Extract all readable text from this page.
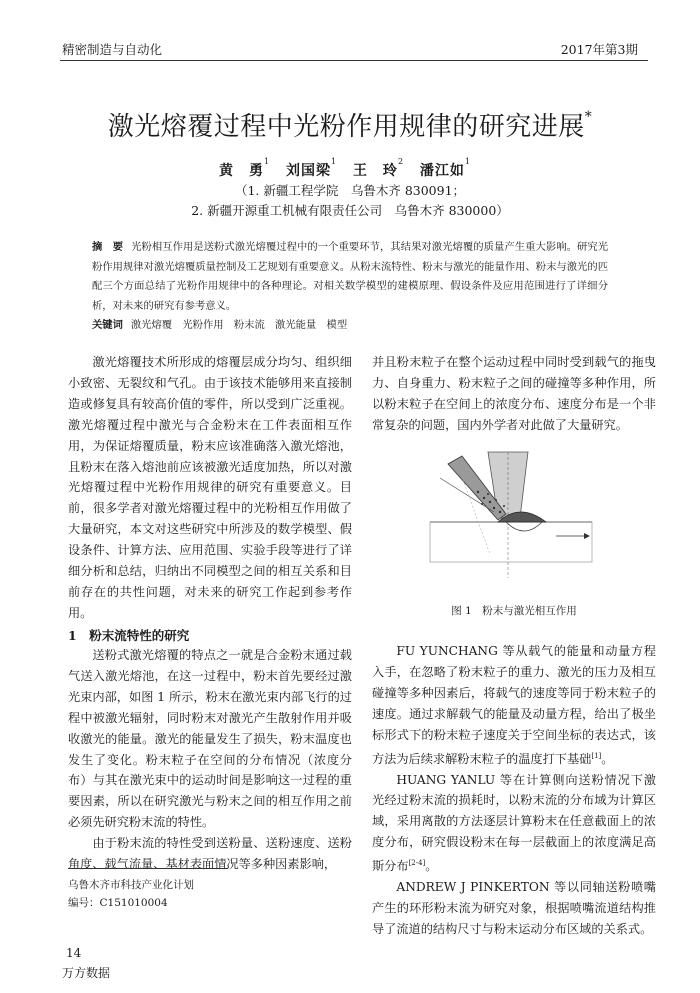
精密制造与自动化	2017年第3期
激光熔覆过程中光粉作用规律的研究进展*
黄　勇$^1$ 刘国梁$^1$ 王　玲$^2$ 潘江如$^1$
（1. 新疆工程学院　乌鲁木齐 830091；
2. 新疆开源重工机械有限责任公司　乌鲁木齐 830000）
摘　要 光粉相互作用是送粉式激光熔覆过程中的一个重要环节，其结果对激光熔覆的质量产生重大影响。研究光粉作用规律对激光熔覆质量控制及工艺规划有重要意义。从粉末流特性、粉末与激光的能量作用、粉末与激光的匹配三个方面总结了光粉作用规律中的各种理论。对相关数学模型的建模原理、假设条件及应用范围进行了详细分析，对未来的研究有参考意义。
关键词 激光熔覆　光粉作用　粉末流　激光能量　模型
激光熔覆技术所形成的熔覆层成分均匀、组织细小致密、无裂纹和气孔。由于该技术能够用来直接制造或修复具有较高价值的零件，所以受到广泛重视。激光熔覆过程中激光与合金粉末在工件表面相互作用，为保证熔覆质量，粉末应该准确落入激光熔池，且粉末在落入熔池前应该被激光适度加热，所以对激光熔覆过程中光粉作用规律的研究有重要意义。目前，很多学者对激光熔覆过程中的光粉相互作用做了大量研究，本文对这些研究中所涉及的数学模型、假设条件、计算方法、应用范围、实验手段等进行了详细分析和总结，归纳出不同模型之间的相互关系和目前存在的共性问题，对未来的研究工作起到参考作用。
1　粉末流特性的研究

送粉式激光熔覆的特点之一就是合金粉末通过载气送入激光熔池，在这一过程中，粉末首先要经过激光束内部，如图 1 所示，粉末在激光束内部飞行的过程中被激光辐射，同时粉末对激光产生散射作用并吸收激光的能量。激光的能量发生了损失，粉末温度也发生了变化。粉末粒子在空间的分布情况（浓度分布）与其在激光束中的运动时间是影响这一过程的重要因素，所以在研究激光与粉末之间的相互作用之前必须先研究粉末流的特性。

由于粉末流的特性受到送粉量、送粉速度、送粉角度、载气流量、基材表面情况等多种因素影响，

并且粉末粒子在整个运动过程中同时受到载气的拖曳力、自身重力、粉末粒子之间的碰撞等多种作用，所以粉末粒子在空间上的浓度分布、速度分布是一个非常复杂的问题，国内外学者对此做了大量研究。
图 1　粉末与激光相互作用

FU YUNCHANG 等从载气的能量和动量方程入手，在忽略了粉末粒子的重力、激光的压力及相互碰撞等多种因素后，将载气的速度等同于粉末粒子的速度。通过求解载气的能量及动量方程，给出了极坐标形式下的粉末粒子速度关于空间坐标的表达式，该方法为后续求解粉末粒子的温度打下基础[1]。

HUANG YANLU 等在计算侧向送粉情况下激光经过粉末流的损耗时，以粉末流的分布域为计算区域，采用离散的方法逐层计算粉末在任意截面上的浓度分布，研究假设粉末在每一层截面上的浓度满足高斯分布[2-4]。

ANDREW J PINKERTON 等以同轴送粉喷嘴产生的环形粉末流为研究对象，根据喷嘴流道结构推导了流道的结构尺寸与粉末运动分布区域的关系式。

乌鲁木齐市科技产业化计划
编号：C151010004
14
万方数据
